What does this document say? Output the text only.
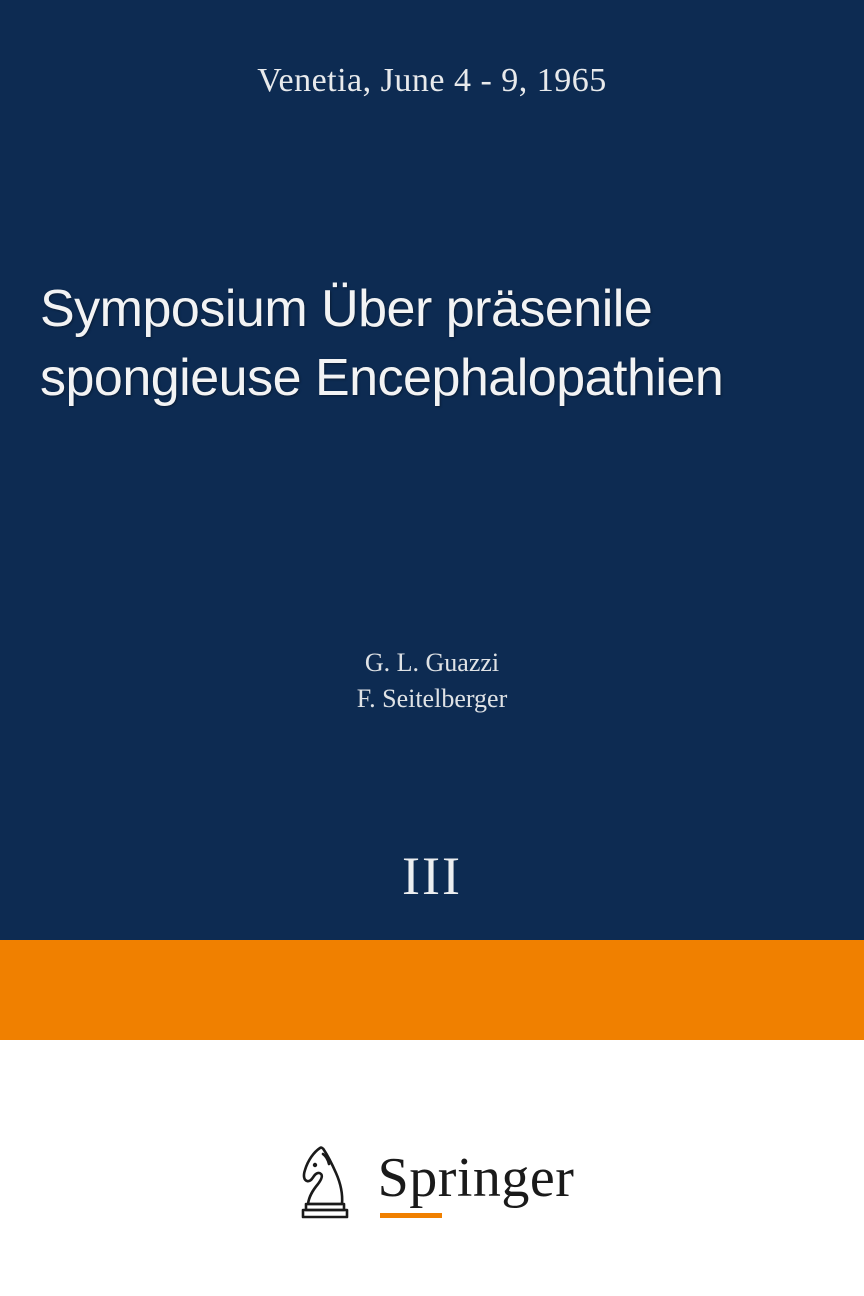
Venetia, June 4 - 9, 1965
Symposium Über präsenile
spongieuse Encephalopathien
G. L. Guazzi
F. Seitelberger
III
Springer
